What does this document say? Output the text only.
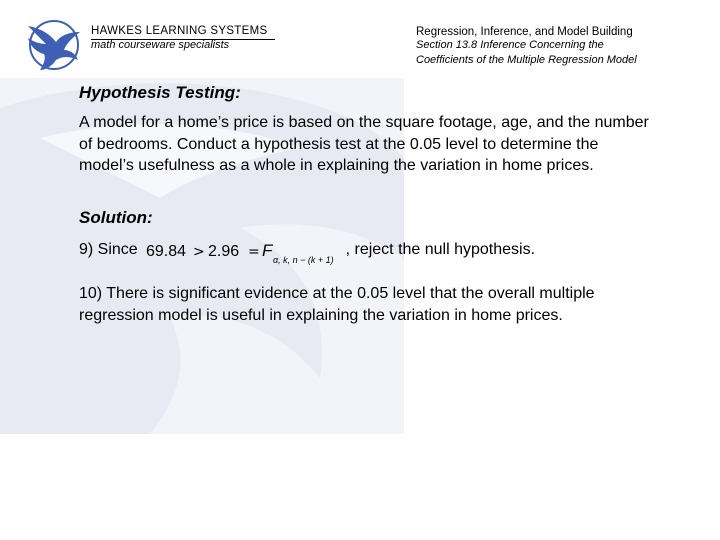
HAWKES LEARNING SYSTEMS
math courseware specialists
Regression, Inference, and Model Building
Section 13.8 Inference Concerning the
Coefficients of the Multiple Regression Model
Hypothesis Testing:
A model for a home’s price is based on the square footage, age, and the number of bedrooms. Conduct a hypothesis test at the 0.05 level to determine the model’s usefulness as a whole in explaining the variation in home prices.
Solution:
9) Since 69.84 > 2.96 = F α, k, n − (k + 1)
, reject the null hypothesis.
10) There is significant evidence at the 0.05 level that the overall multiple regression model is useful in explaining the variation in home prices.
